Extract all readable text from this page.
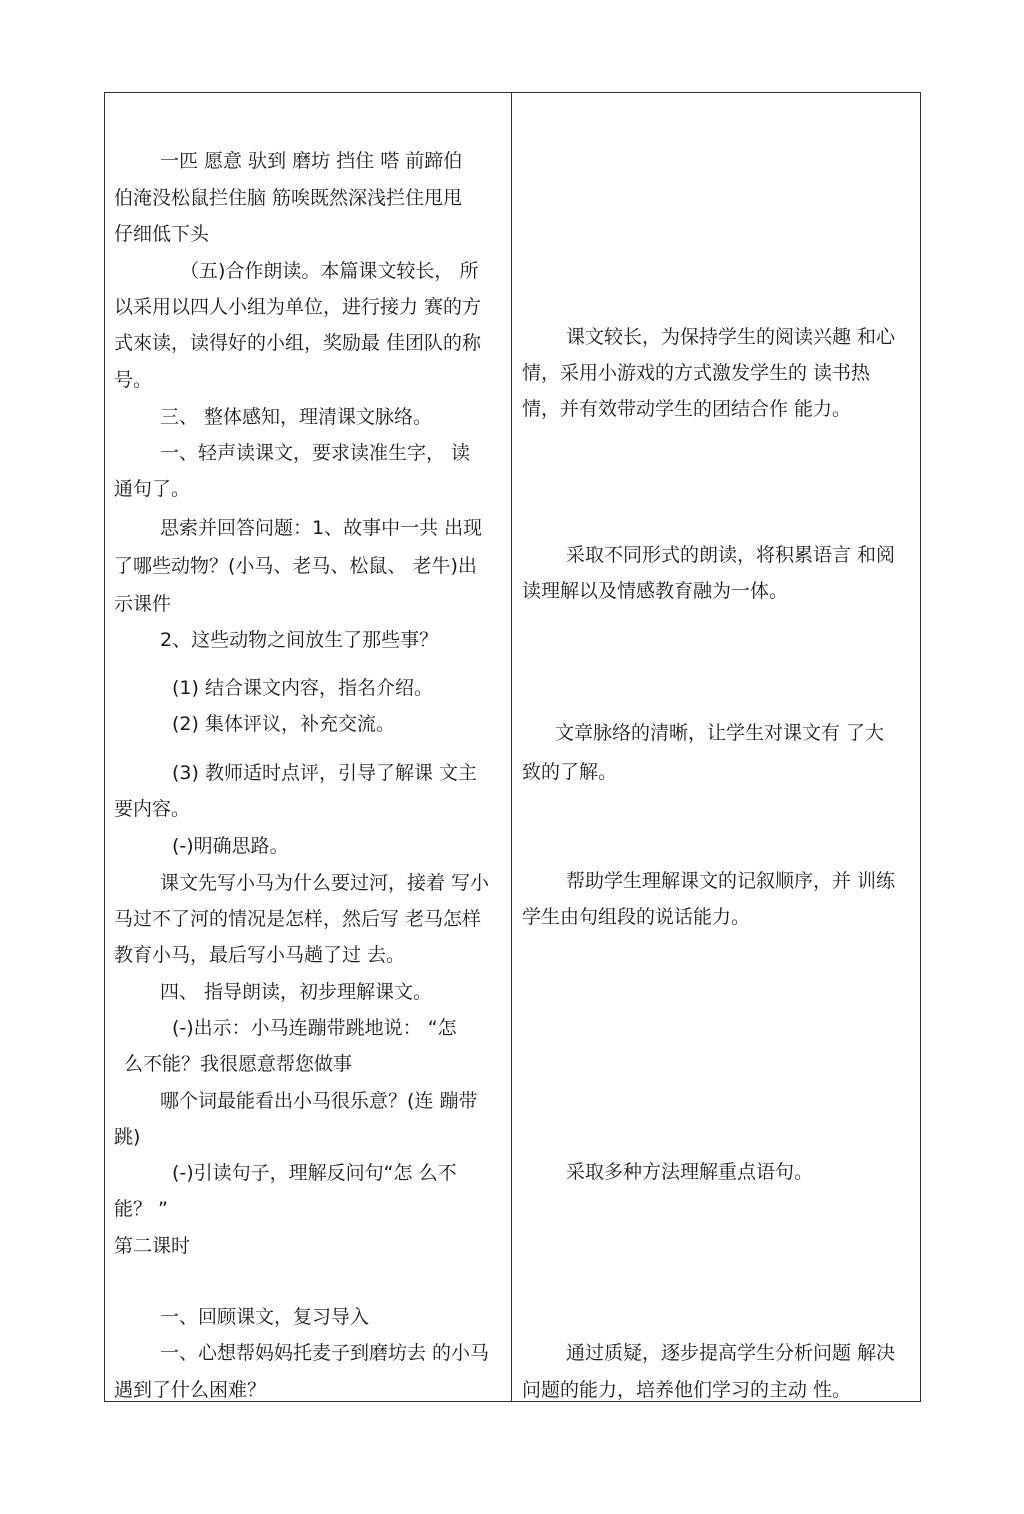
一匹 愿意 驮到 磨坊 挡住 嗒 前蹄伯
伯淹没松鼠拦住脑 筋唉既然深浅拦住甩甩
仔细低下头
（五)合作朗读。本篇课文较长， 所
以采用以四人小组为单位，进行接力 赛的方
式來读，读得好的小组，奖励最 佳团队的称
号。
三、 整体感知，理清课文脉络。
一、轻声读课文，要求读准生字， 读
通句了。
思索并回答问题：1、故事中一共 出现
了哪些动物？(小马、老马、松鼠、 老牛)出
示课件
2、这些动物之间放生了那些事？
(1) 结合课文内容，指名介绍。
(2) 集体评议，补充交流。
(3) 教师适时点评，引导了解课 文主
要内容。
(-)明确思路。
课文先写小马为什么要过河，接着 写小
马过不了河的情况是怎样，然后写 老马怎样
教育小马，最后写小马趟了过 去。
四、 指导朗读，初步理解课文。
(-)出示：小马连蹦带跳地说： “怎
么不能？我很愿意帮您做事
哪个词最能看出小马很乐意？(连 蹦带
跳)
(-)引读句子，理解反问句“怎 么不
能？ ”
第二课时
一、回顾课文，复习导入
一、心想帮妈妈托麦子到磨坊去 的小马
遇到了什么困难？
课文较长，为保持学生的阅读兴趣 和心
情，采用小游戏的方式激发学生的 读书热
情，并有效带动学生的团结合作 能力。
采取不同形式的朗读，将积累语言 和阅
读理解以及情感教育融为一体。
文章脉络的清晰，让学生对课文有 了大
致的了解。
帮助学生理解课文的记叙顺序，并 训练
学生由句组段的说话能力。
采取多种方法理解重点语句。
通过质疑，逐步提高学生分析问题 解决
问题的能力，培养他们学习的主动 性。
